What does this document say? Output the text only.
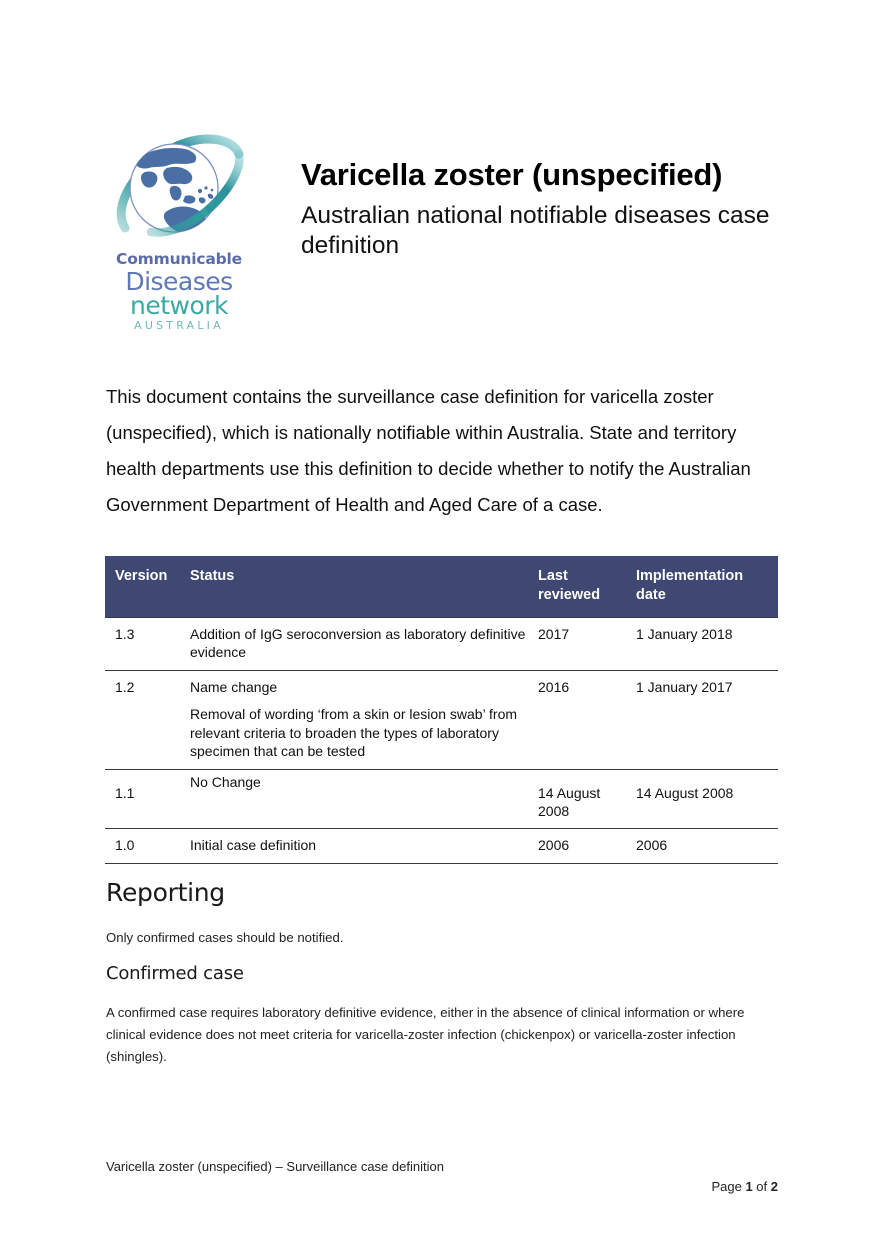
Communicable
Diseases
network
AUSTRALIA
Varicella zoster (unspecified)

Australian national notifiable diseases case definition

This document contains the surveillance case definition for varicella zoster (unspecified), which is nationally notifiable within Australia. State and territory health departments use this definition to decide whether to notify the Australian Government Department of Health and Aged Care of a case.

Version	Status	Last reviewed	Implementation date
1.3	Addition of IgG seroconversion as laboratory definitive evidence	2017	1 January 2018
1.2	Name change
Removal of wording ‘from a skin or lesion swab’ from relevant criteria to broaden the types of laboratory specimen that can be tested	2016	1 January 2017
1.1	No Change	14 August 2008	14 August 2008
1.0	Initial case definition	2006	2006
Reporting

Only confirmed cases should be notified.

Confirmed case

A confirmed case requires laboratory definitive evidence, either in the absence of clinical information or where clinical evidence does not meet criteria for varicella-zoster infection (chickenpox) or varicella-zoster infection (shingles).

Varicella zoster (unspecified) – Surveillance case definition
Page 1 of 2
